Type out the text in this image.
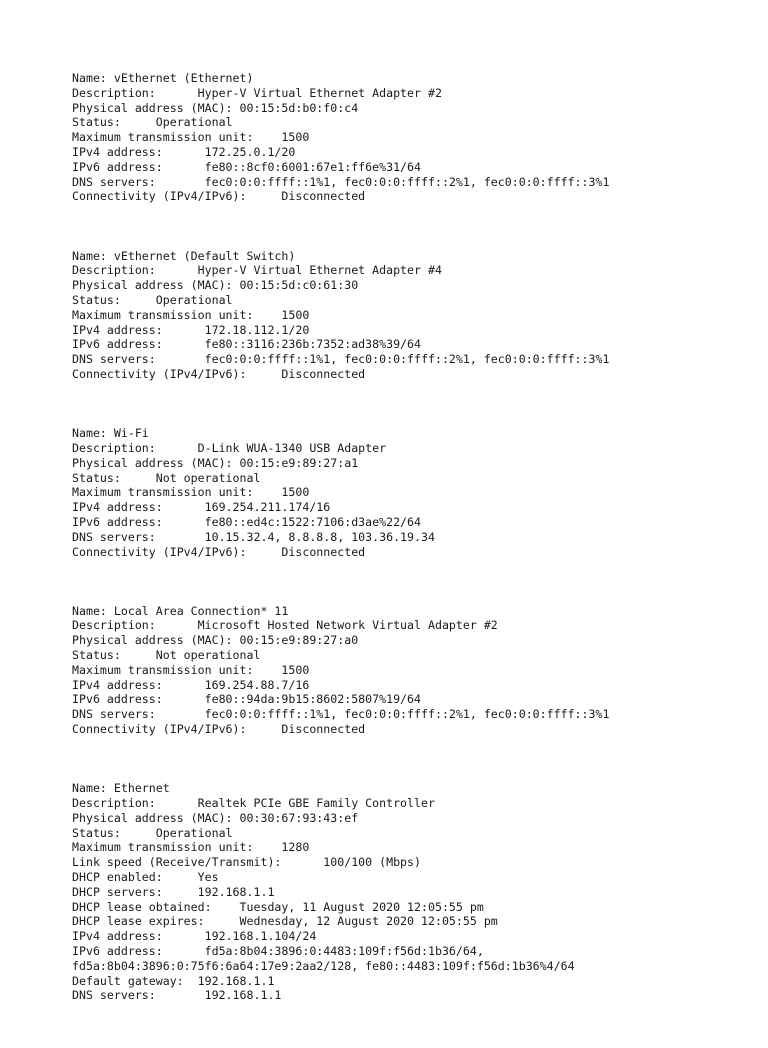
Name: vEthernet (Ethernet)
Description:      Hyper-V Virtual Ethernet Adapter #2
Physical address (MAC): 00:15:5d:b0:f0:c4
Status:     Operational
Maximum transmission unit:    1500
IPv4 address:      172.25.0.1/20
IPv6 address:      fe80::8cf0:6001:67e1:ff6e%31/64
DNS servers:       fec0:0:0:ffff::1%1, fec0:0:0:ffff::2%1, fec0:0:0:ffff::3%1
Connectivity (IPv4/IPv6):     Disconnected
Name: vEthernet (Default Switch)
Description:      Hyper-V Virtual Ethernet Adapter #4
Physical address (MAC): 00:15:5d:c0:61:30
Status:     Operational
Maximum transmission unit:    1500
IPv4 address:      172.18.112.1/20
IPv6 address:      fe80::3116:236b:7352:ad38%39/64
DNS servers:       fec0:0:0:ffff::1%1, fec0:0:0:ffff::2%1, fec0:0:0:ffff::3%1
Connectivity (IPv4/IPv6):     Disconnected
Name: Wi-Fi
Description:      D-Link WUA-1340 USB Adapter
Physical address (MAC): 00:15:e9:89:27:a1
Status:     Not operational
Maximum transmission unit:    1500
IPv4 address:      169.254.211.174/16
IPv6 address:      fe80::ed4c:1522:7106:d3ae%22/64
DNS servers:       10.15.32.4, 8.8.8.8, 103.36.19.34
Connectivity (IPv4/IPv6):     Disconnected
Name: Local Area Connection* 11
Description:      Microsoft Hosted Network Virtual Adapter #2
Physical address (MAC): 00:15:e9:89:27:a0
Status:     Not operational
Maximum transmission unit:    1500
IPv4 address:      169.254.88.7/16
IPv6 address:      fe80::94da:9b15:8602:5807%19/64
DNS servers:       fec0:0:0:ffff::1%1, fec0:0:0:ffff::2%1, fec0:0:0:ffff::3%1
Connectivity (IPv4/IPv6):     Disconnected
Name: Ethernet
Description:      Realtek PCIe GBE Family Controller
Physical address (MAC): 00:30:67:93:43:ef
Status:     Operational
Maximum transmission unit:    1280
Link speed (Receive/Transmit):      100/100 (Mbps)
DHCP enabled:     Yes
DHCP servers:     192.168.1.1
DHCP lease obtained:    Tuesday, 11 August 2020 12:05:55 pm
DHCP lease expires:     Wednesday, 12 August 2020 12:05:55 pm
IPv4 address:      192.168.1.104/24
IPv6 address:      fd5a:8b04:3896:0:4483:109f:f56d:1b36/64,
fd5a:8b04:3896:0:75f6:6a64:17e9:2aa2/128, fe80::4483:109f:f56d:1b36%4/64
Default gateway:  192.168.1.1
DNS servers:       192.168.1.1
